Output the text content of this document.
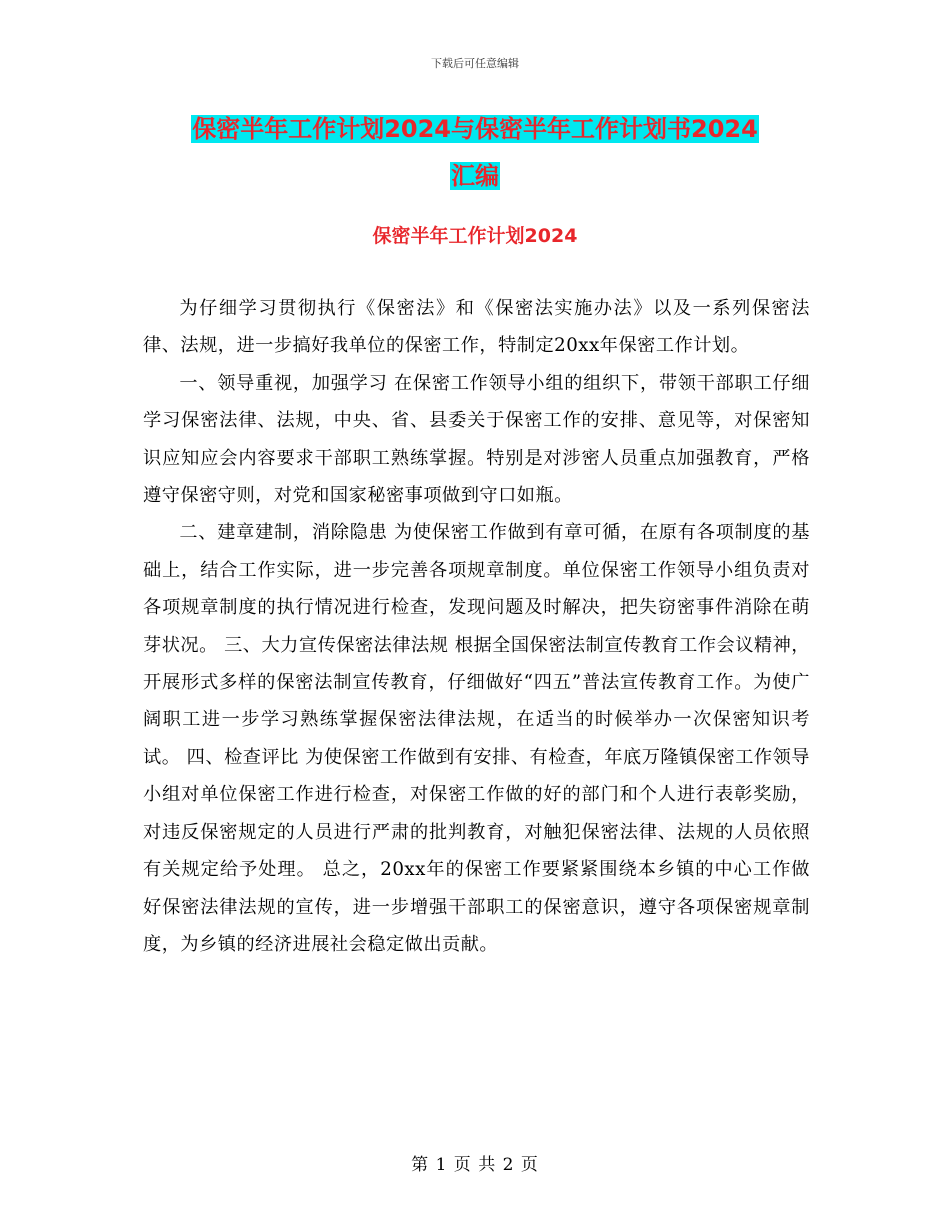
下载后可任意编辑
保密半年工作计划2024与保密半年工作计划书2024
汇编
保密半年工作计划2024

为仔细学习贯彻执行《保密法》和《保密法实施办法》以及一系列保密法律、法规，进一步搞好我单位的保密工作，特制定20xx年保密工作计划。

一、领导重视，加强学习 在保密工作领导小组的组织下，带领干部职工仔细学习保密法律、法规，中央、省、县委关于保密工作的安排、意见等，对保密知识应知应会内容要求干部职工熟练掌握。特别是对涉密人员重点加强教育，严格遵守保密守则，对党和国家秘密事项做到守口如瓶。

二、建章建制，消除隐患 为使保密工作做到有章可循，在原有各项制度的基础上，结合工作实际，进一步完善各项规章制度。单位保密工作领导小组负责对各项规章制度的执行情况进行检查，发现问题及时解决，把失窃密事件消除在萌芽状况。 三、大力宣传保密法律法规 根据全国保密法制宣传教育工作会议精神，开展形式多样的保密法制宣传教育，仔细做好“四五”普法宣传教育工作。为使广阔职工进一步学习熟练掌握保密法律法规，在适当的时候举办一次保密知识考试。 四、检查评比 为使保密工作做到有安排、有检查，年底万隆镇保密工作领导小组对单位保密工作进行检查，对保密工作做的好的部门和个人进行表彰奖励，对违反保密规定的人员进行严肃的批判教育，对触犯保密法律、法规的人员依照有关规定给予处理。 总之，20xx年的保密工作要紧紧围绕本乡镇的中心工作做好保密法律法规的宣传，进一步增强干部职工的保密意识，遵守各项保密规章制度，为乡镇的经济进展社会稳定做出贡献。

第 1 页 共 2 页
